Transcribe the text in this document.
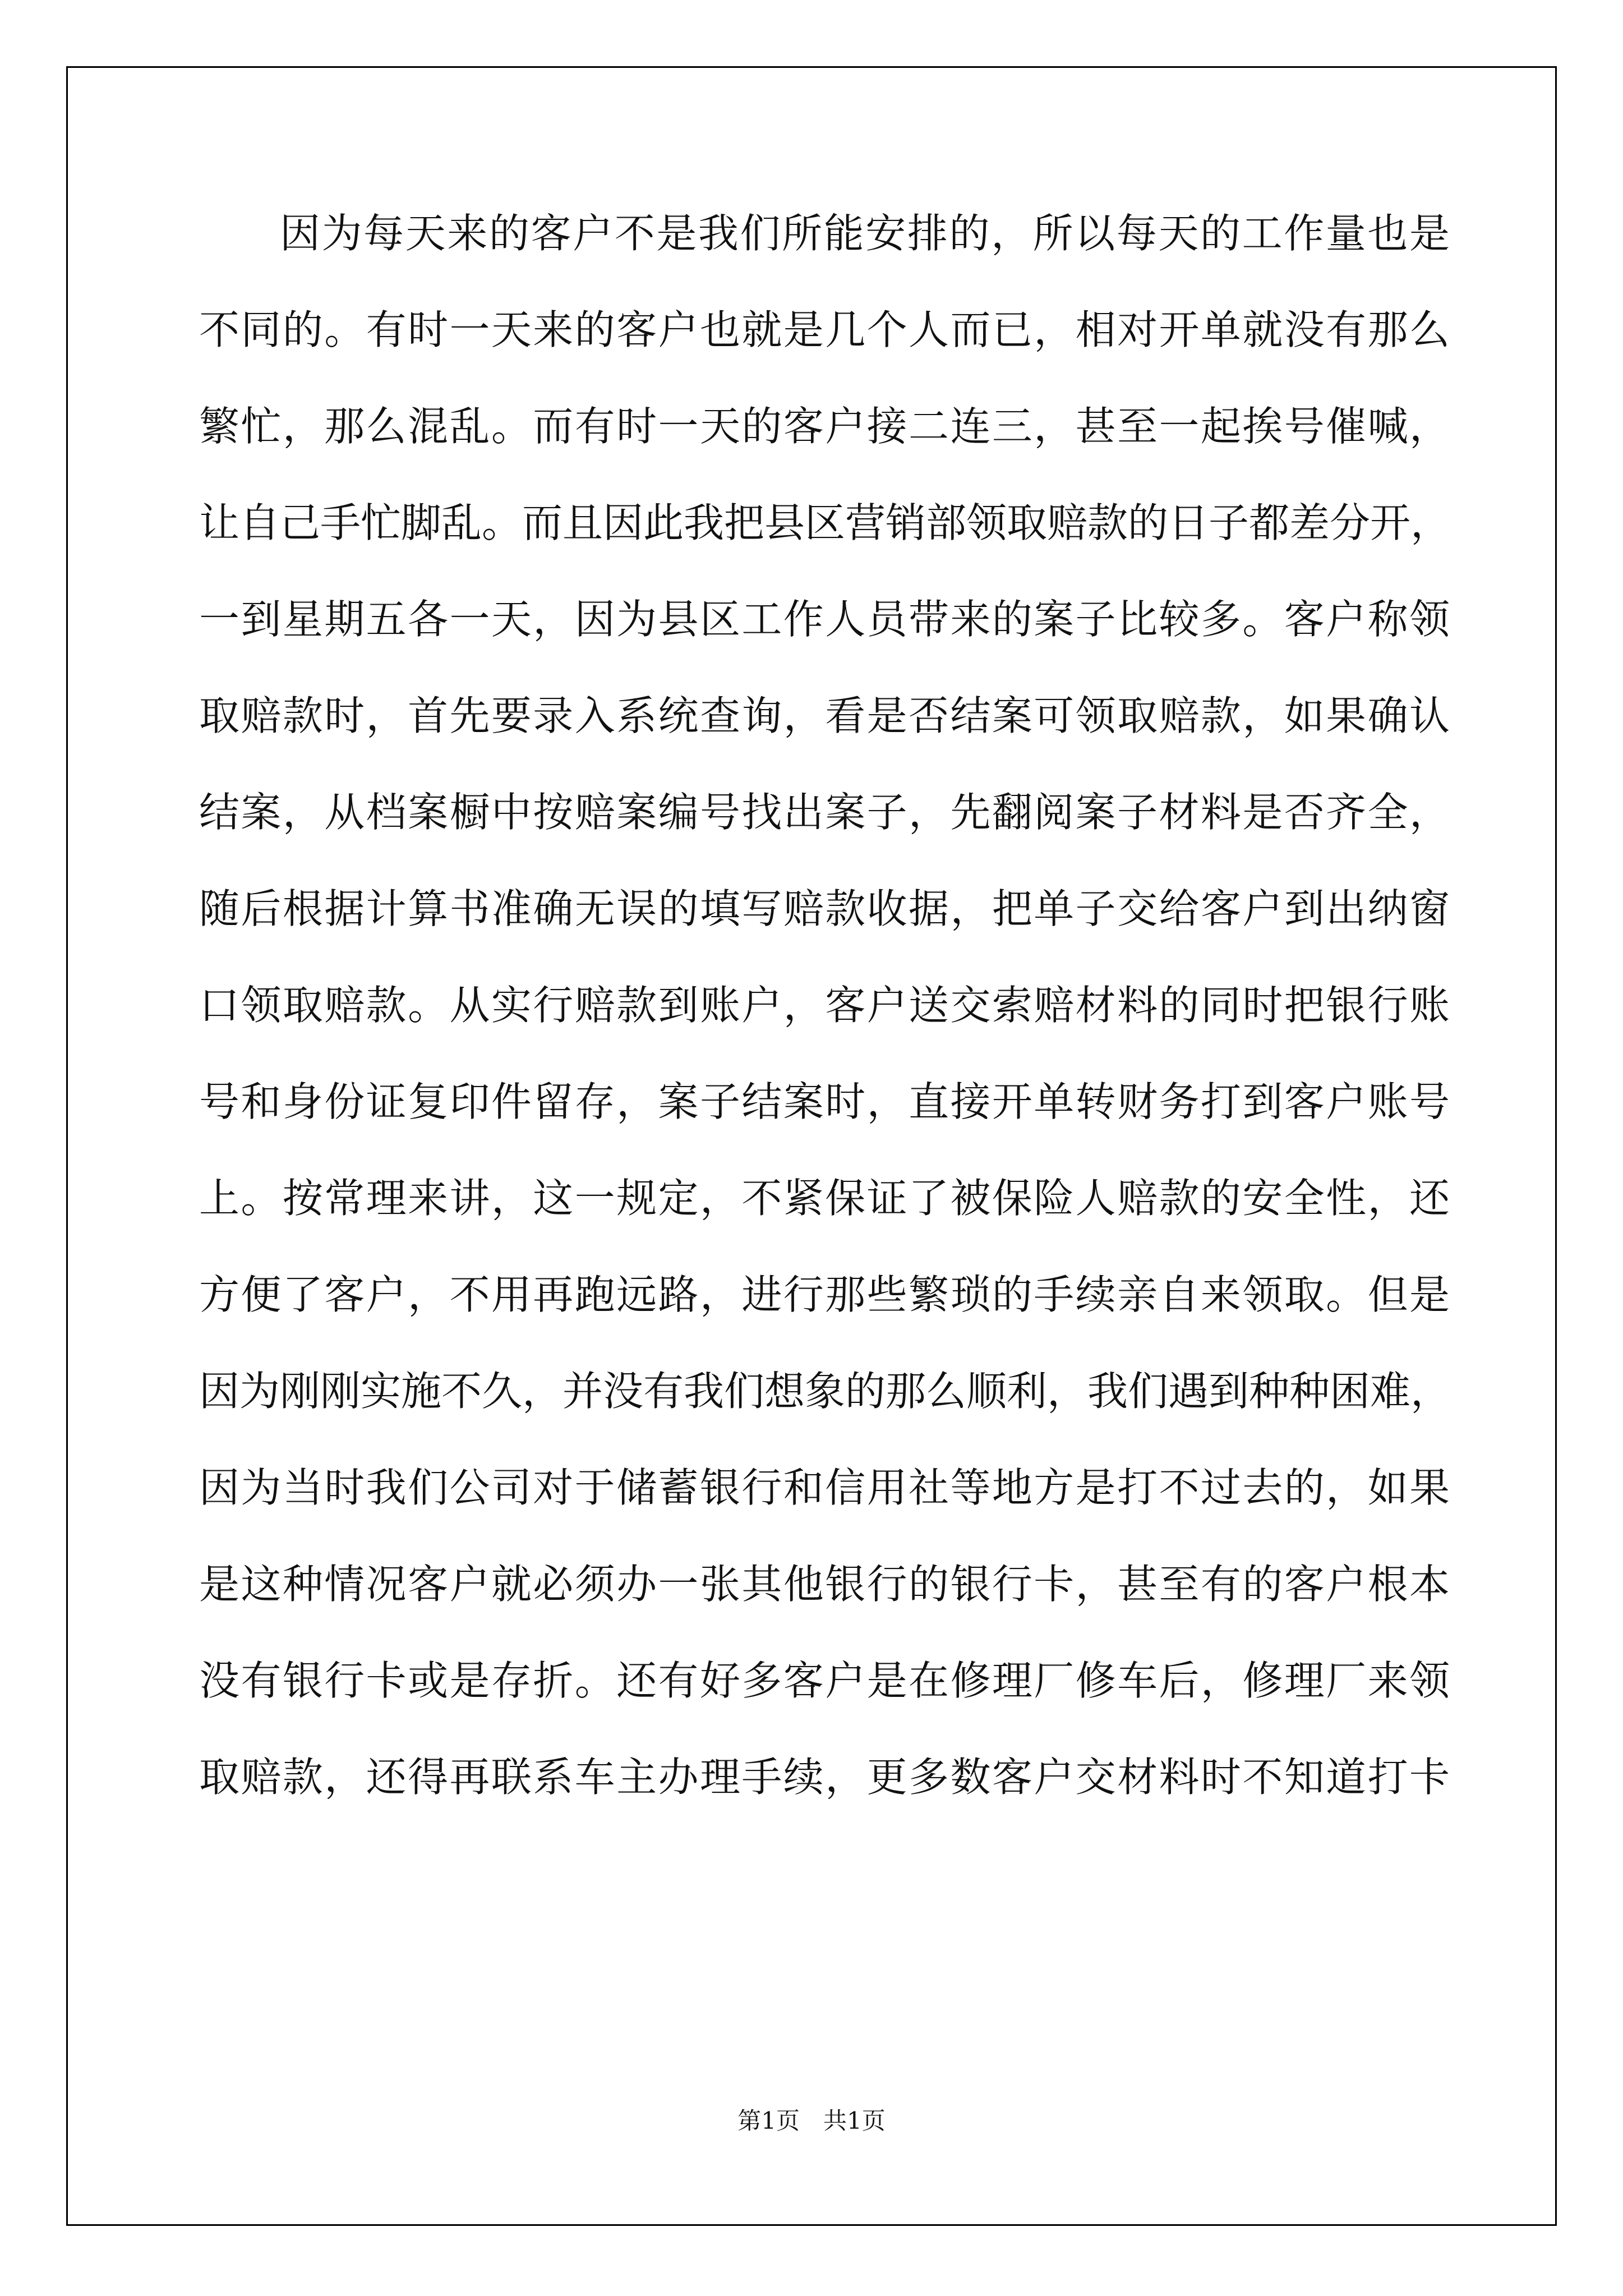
因为每天来的客户不是我们所能安排的，所以每天的工作量也是
不同的。有时一天来的客户也就是几个人而已，相对开单就没有那么
繁忙，那么混乱。而有时一天的客户接二连三，甚至一起挨号催喊，
让自己手忙脚乱。而且因此我把县区营销部领取赔款的日子都差分开，
一到星期五各一天，因为县区工作人员带来的案子比较多。客户称领
取赔款时，首先要录入系统查询，看是否结案可领取赔款，如果确认
结案，从档案橱中按赔案编号找出案子，先翻阅案子材料是否齐全，
随后根据计算书准确无误的填写赔款收据，把单子交给客户到出纳窗
口领取赔款。从实行赔款到账户，客户送交索赔材料的同时把银行账
号和身份证复印件留存，案子结案时，直接开单转财务打到客户账号
上。按常理来讲，这一规定，不紧保证了被保险人赔款的安全性，还
方便了客户，不用再跑远路，进行那些繁琐的手续亲自来领取。但是
因为刚刚实施不久，并没有我们想象的那么顺利，我们遇到种种困难，
因为当时我们公司对于储蓄银行和信用社等地方是打不过去的，如果
是这种情况客户就必须办一张其他银行的银行卡，甚至有的客户根本
没有银行卡或是存折。还有好多客户是在修理厂修车后，修理厂来领
取赔款，还得再联系车主办理手续，更多数客户交材料时不知道打卡
第1页　共1页
